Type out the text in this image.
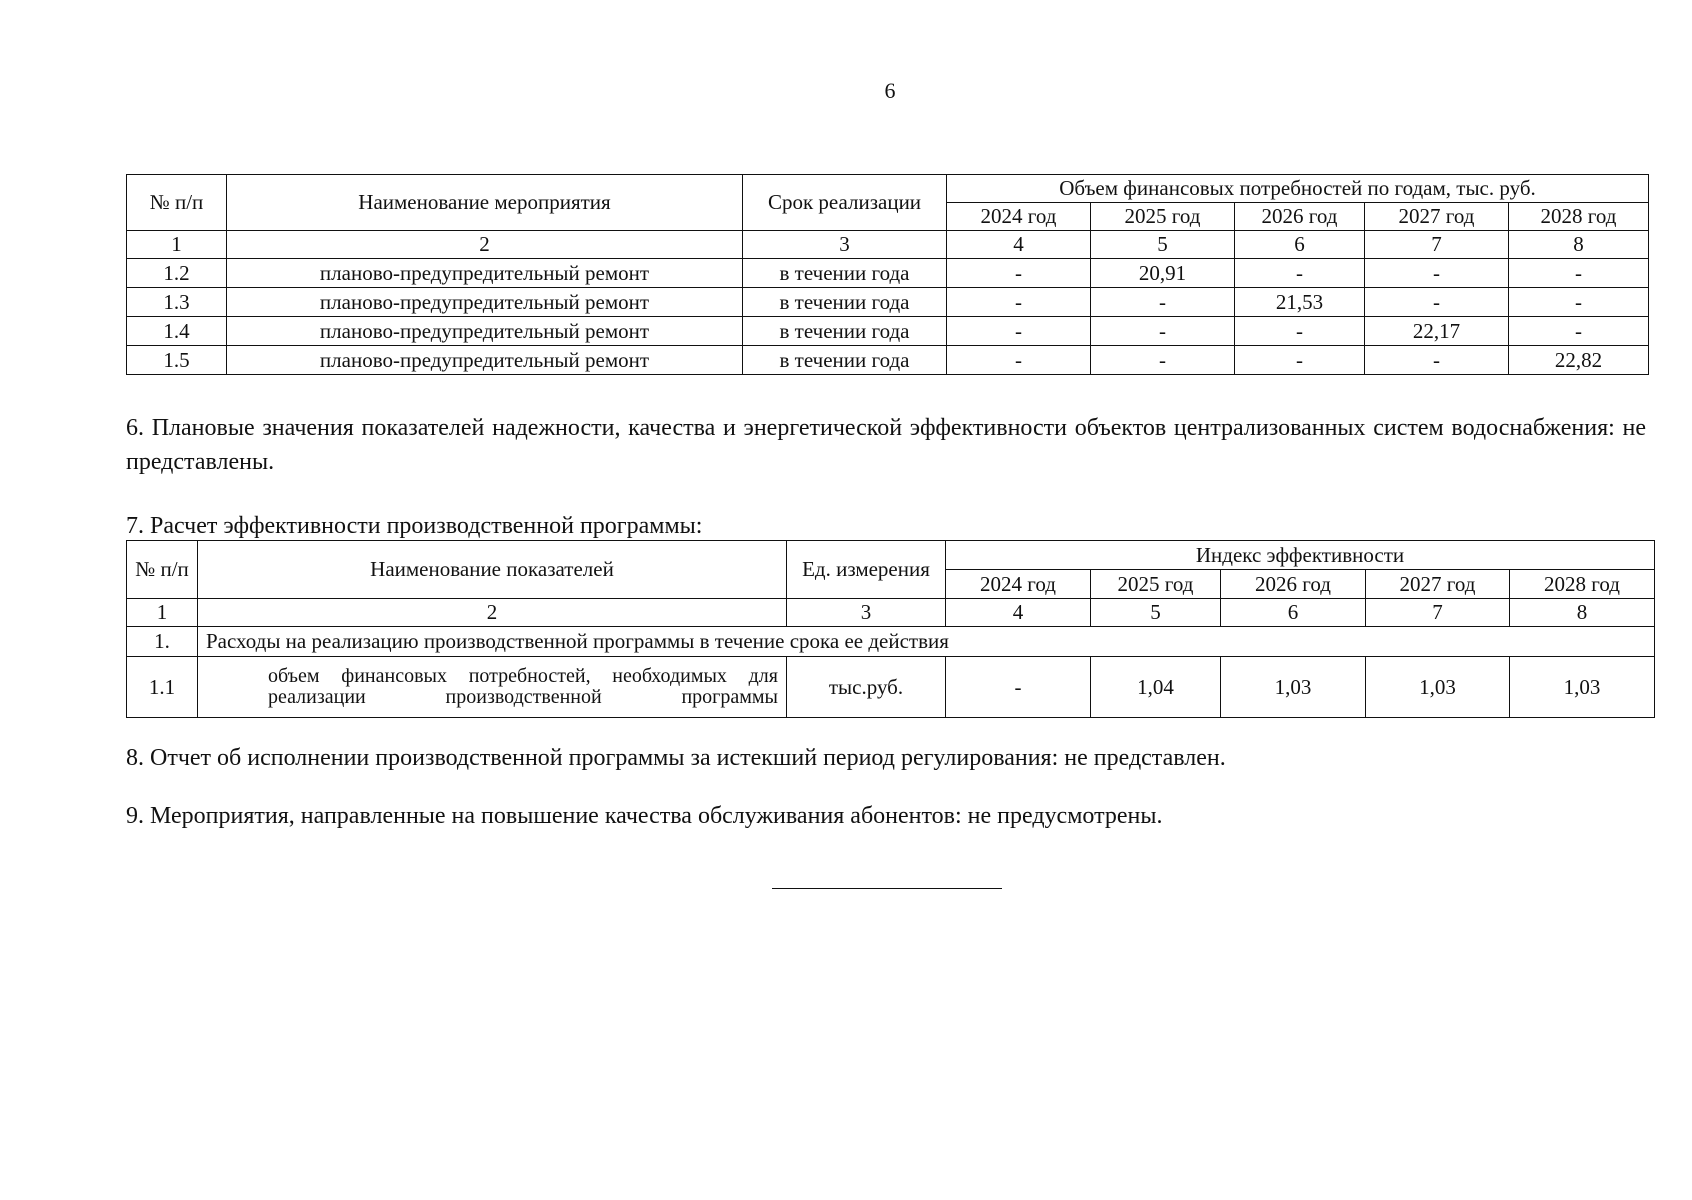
6
№ п/п	Наименование мероприятия	Срок реализации	Объем финансовых потребностей по годам, тыс. руб.				
			2024 год	2025 год	2026 год	2027 год	2028 год
1	2	3	4	5	6	7	8
1.2	планово-предупредительный ремонт	в течении года	-	20,91	-	-	-
1.3	планово-предупредительный ремонт	в течении года	-	-	21,53	-	-
1.4	планово-предупредительный ремонт	в течении года	-	-	-	22,17	-
1.5	планово-предупредительный ремонт	в течении года	-	-	-	-	22,82
6. Плановые значения показателей надежности, качества и энергетической эффективности объектов централизованных систем водоснабжения: не представлены.
7. Расчет эффективности производственной программы:
№ п/п	Наименование показателей	Ед. измерения	Индекс эффективности				
			2024 год	2025 год	2026 год	2027 год	2028 год
1	2	3	4	5	6	7	8
1.	Расходы на реализацию производственной программы в течение срока ее действия						
1.1	объем финансовых потребностей, необходимых для реализации производственной программы	тыс.руб.	-	1,04	1,03	1,03	1,03
8. Отчет об исполнении производственной программы за истекший период регулирования: не представлен.
9. Мероприятия, направленные на повышение качества обслуживания абонентов: не предусмотрены.
